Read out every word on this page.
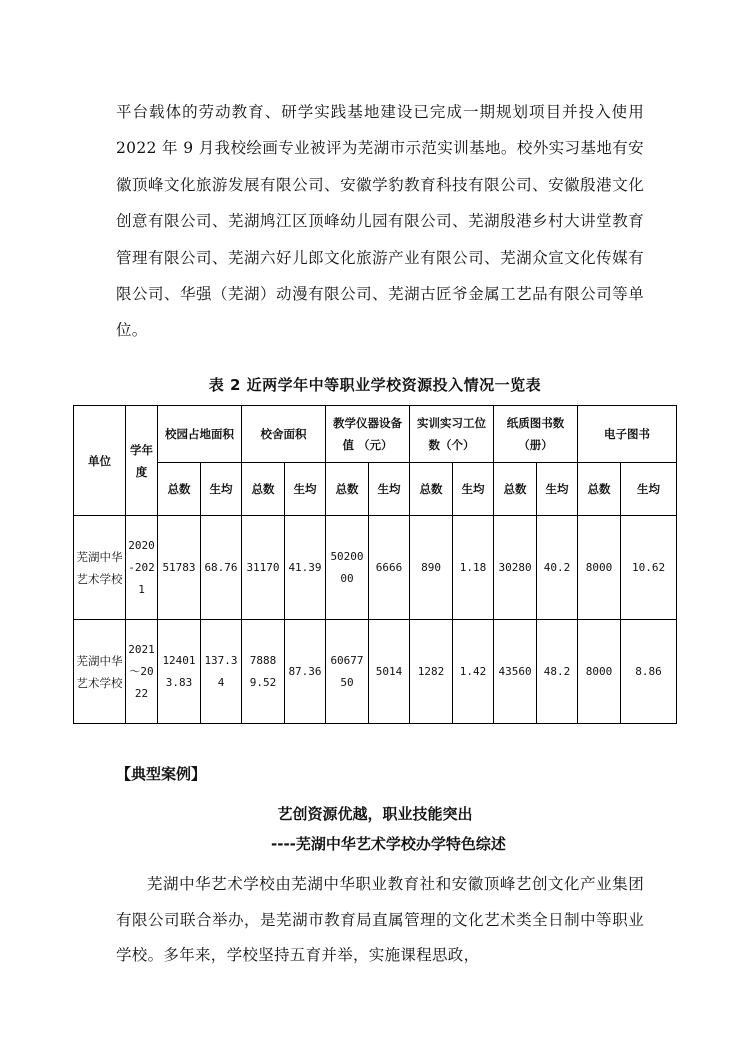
平台载体的劳动教育、研学实践基地建设已完成一期规划项目并投入使用 2022 年 9 月我校绘画专业被评为芜湖市示范实训基地。校外实习基地有安徽顶峰文化旅游发展有限公司、安徽学豹教育科技有限公司、安徽殷港文化创意有限公司、芜湖鸠江区顶峰幼儿园有限公司、芜湖殷港乡村大讲堂教育管理有限公司、芜湖六好儿郎文化旅游产业有限公司、芜湖众宣文化传媒有限公司、华强（芜湖）动漫有限公司、芜湖古匠爷金属工艺品有限公司等单位。
表 2 近两学年中等职业学校资源投入情况一览表
单位	学年度	校园占地面积		校舍面积		教学仪器设备值 （元）		实训实习工位数（个）		纸质图书数（册）		电子图书	
		总数	生均	总数	生均	总数	生均	总数	生均	总数	生均	总数	生均
芜湖中华艺术学校	2020-2021	51783	68.76	31170	41.39	5020000	6666	890	1.18	30280	40.2	8000	10.62
芜湖中华艺术学校	2021～2022	124013.83	137.34	78889.52	87.36	6067750	5014	1282	1.42	43560	48.2	8000	8.86
【典型案例】
艺创资源优越，职业技能突出
----芜湖中华艺术学校办学特色综述
芜湖中华艺术学校由芜湖中华职业教育社和安徽顶峰艺创文化产业集团有限公司联合举办，是芜湖市教育局直属管理的文化艺术类全日制中等职业学校。多年来，学校坚持五育并举，实施课程思政，
